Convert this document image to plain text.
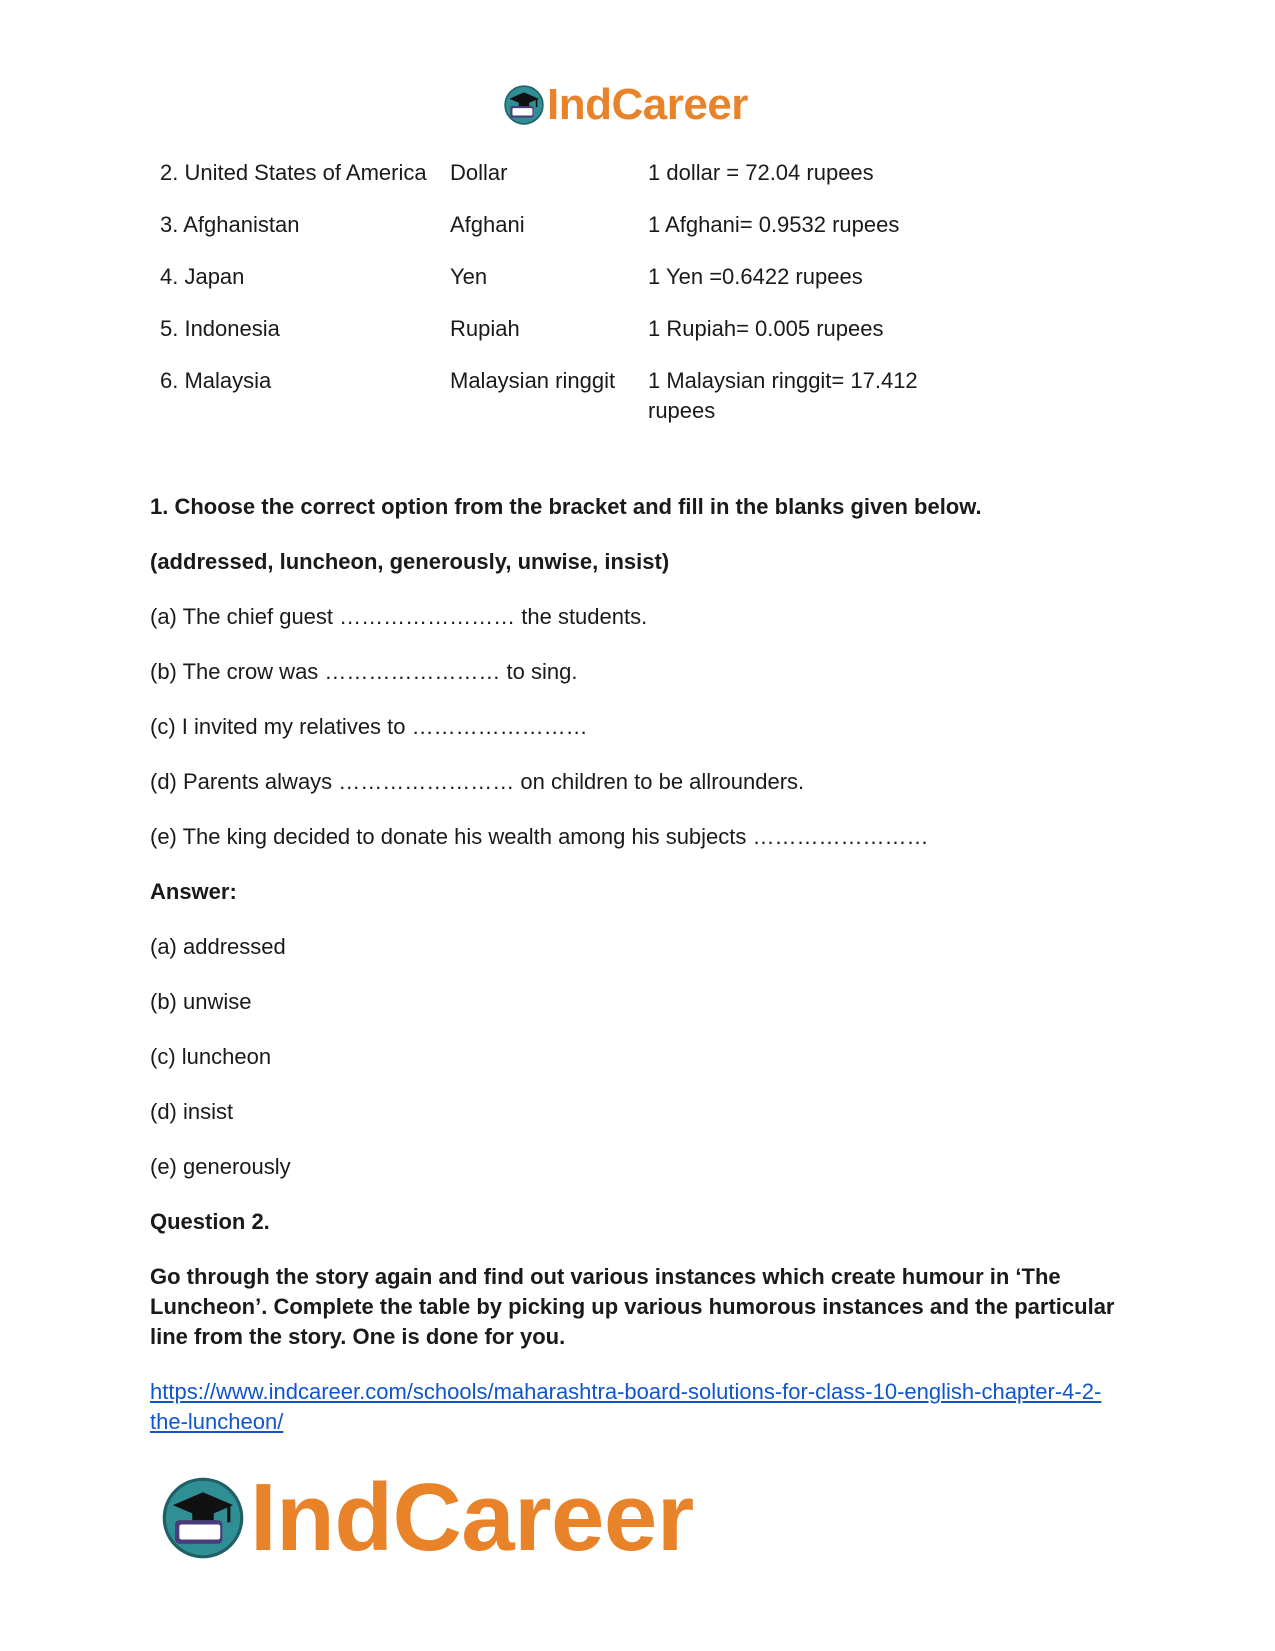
IndCareer
2. United States of America	Dollar	1 dollar = 72.04 rupees
3. Afghanistan	Afghani	1 Afghani= 0.9532 rupees
4. Japan	Yen	1 Yen =0.6422 rupees
5. Indonesia	Rupiah	1 Rupiah= 0.005 rupees
6. Malaysia	Malaysian ringgit	1 Malaysian ringgit= 17.412 rupees

1. Choose the correct option from the bracket and fill in the blanks given below.

(addressed, luncheon, generously, unwise, insist)

(a) The chief guest …………………… the students.

(b) The crow was …………………… to sing.

(c) I invited my relatives to ……………………

(d) Parents always …………………… on children to be allrounders.

(e) The king decided to donate his wealth among his subjects ……………………

Answer:

(a) addressed

(b) unwise

(c) luncheon

(d) insist

(e) generously

Question 2.

Go through the story again and find out various instances which create humour in ‘The Luncheon’. Complete the table by picking up various humorous instances and the particular line from the story. One is done for you.

https://www.indcareer.com/schools/maharashtra-board-solutions-for-class-10-english-chapter-4-2-the-luncheon/

IndCareer
